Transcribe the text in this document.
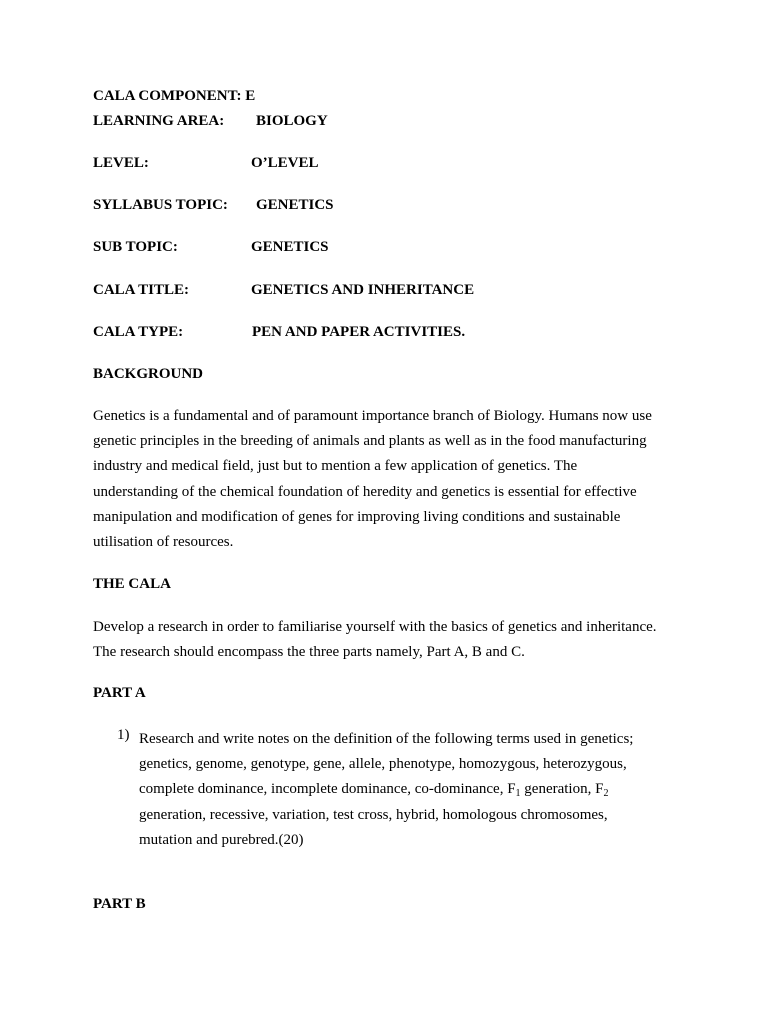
CALA COMPONENT: E
LEARNING AREA: BIOLOGY
LEVEL:	O’LEVEL
SYLLABUS TOPIC: GENETICS
SUB TOPIC:	GENETICS
CALA TITLE:	GENETICS AND INHERITANCE
CALA TYPE:	PEN AND PAPER ACTIVITIES.
BACKGROUND
Genetics is a fundamental and of paramount importance branch of Biology. Humans now use
genetic principles in the breeding of animals and plants as well as in the food manufacturing
industry and medical field, just but to mention a few application of genetics. The
understanding of the chemical foundation of heredity and genetics is essential for effective
manipulation and modification of genes for improving living conditions and sustainable
utilisation of resources.
THE CALA
Develop a research in order to familiarise yourself with the basics of genetics and inheritance.
The research should encompass the three parts namely, Part A, B and C.
PART A
1) Research and write notes on the definition of the following terms used in genetics;
genetics, genome, genotype, gene, allele, phenotype, homozygous, heterozygous,
complete dominance, incomplete dominance, co-dominance, $F_1$ generation, $F_2$
generation, recessive, variation, test cross, hybrid, homologous chromosomes,
mutation and purebred.(20)
PART B
